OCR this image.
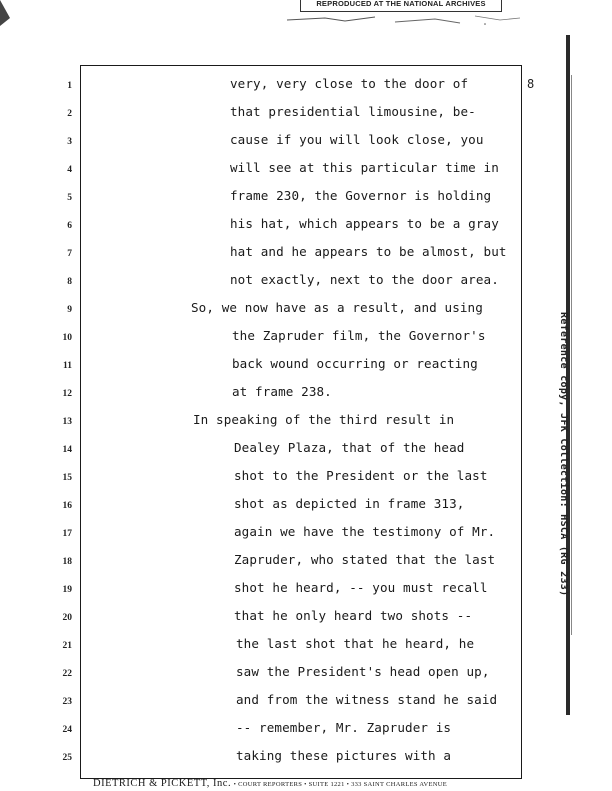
REPRODUCED AT THE NATIONAL ARCHIVES
8
1	very, very close to the door of
2	that presidential limousine, be-
3	cause if you will look close, you
4	will see at this particular time in
5	frame 230, the Governor is holding
6	his hat, which appears to be a gray
7	hat and he appears to be almost, but
8	not exactly, next to the door area.
9	So, we now have as a result, and using
10	the Zapruder film, the Governor's
11	back wound occurring or reacting
12	at frame 238.
13	In speaking of the third result in
14	Dealey Plaza, that of the head
15	shot to the President or the last
16	shot as depicted in frame 313,
17	again we have the testimony of Mr.
18	Zapruder, who stated that the last
19	shot he heard, -- you must recall
20	that he only heard two shots --
21	the last shot that he heard, he
22	saw the President's head open up,
23	and from the witness stand he said
24	-- remember, Mr. Zapruder is
25	taking these pictures with a
Reference copy, JFK Collection: HSCA (RG 233)
DIETRICH & PICKETT, Inc. • COURT REPORTERS • SUITE 1221 • 333 SAINT CHARLES AVENUE
